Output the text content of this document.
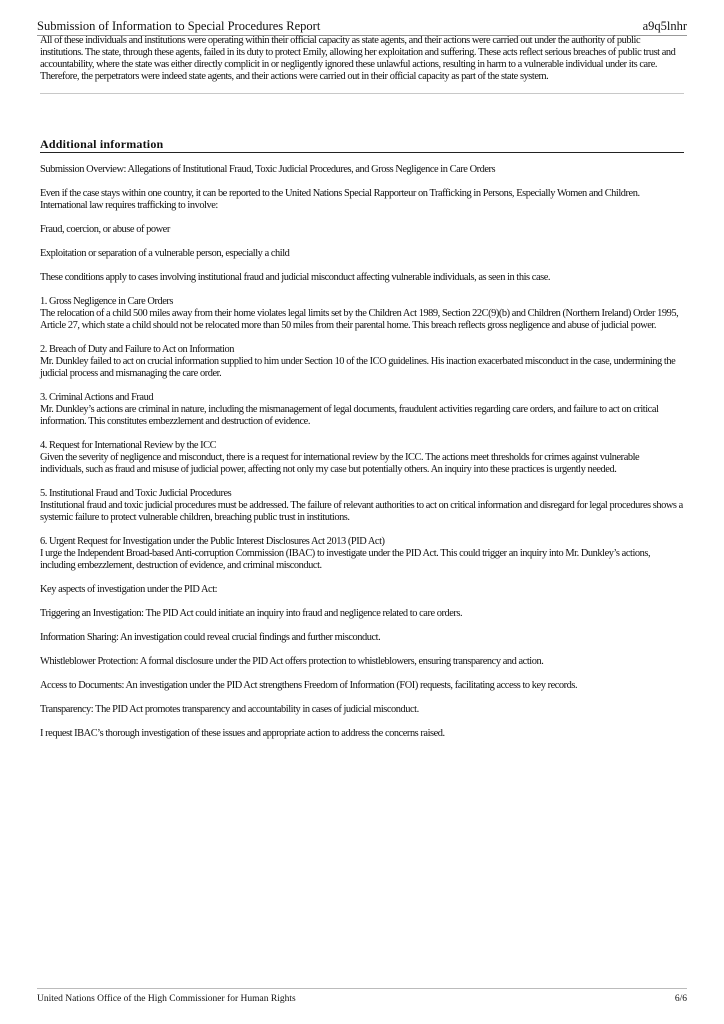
Submission of Information to Special Procedures Report	a9q5lnhr

All of these individuals and institutions were operating within their official capacity as state agents, and their actions were carried out under the authority of public institutions. The state, through these agents, failed in its duty to protect Emily, allowing her exploitation and suffering. These acts reflect serious breaches of public trust and accountability, where the state was either directly complicit in or negligently ignored these unlawful actions, resulting in harm to a vulnerable individual under its care. Therefore, the perpetrators were indeed state agents, and their actions were carried out in their official capacity as part of the state system.

Additional information

Submission Overview: Allegations of Institutional Fraud, Toxic Judicial Procedures, and Gross Negligence in Care Orders

Even if the case stays within one country, it can be reported to the United Nations Special Rapporteur on Trafficking in Persons, Especially Women and Children. International law requires trafficking to involve:

Fraud, coercion, or abuse of power

Exploitation or separation of a vulnerable person, especially a child

These conditions apply to cases involving institutional fraud and judicial misconduct affecting vulnerable individuals, as seen in this case.

1. Gross Negligence in Care Orders

The relocation of a child 500 miles away from their home violates legal limits set by the Children Act 1989, Section 22C(9)(b) and Children (Northern Ireland) Order 1995, Article 27, which state a child should not be relocated more than 50 miles from their parental home. This breach reflects gross negligence and abuse of judicial power.

2. Breach of Duty and Failure to Act on Information

Mr. Dunkley failed to act on crucial information supplied to him under Section 10 of the ICO guidelines. His inaction exacerbated misconduct in the case, undermining the judicial process and mismanaging the care order.

3. Criminal Actions and Fraud

Mr. Dunkley’s actions are criminal in nature, including the mismanagement of legal documents, fraudulent activities regarding care orders, and failure to act on critical information. This constitutes embezzlement and destruction of evidence.

4. Request for International Review by the ICC

Given the severity of negligence and misconduct, there is a request for international review by the ICC. The actions meet thresholds for crimes against vulnerable individuals, such as fraud and misuse of judicial power, affecting not only my case but potentially others. An inquiry into these practices is urgently needed.

5. Institutional Fraud and Toxic Judicial Procedures

Institutional fraud and toxic judicial procedures must be addressed. The failure of relevant authorities to act on critical information and disregard for legal procedures shows a systemic failure to protect vulnerable children, breaching public trust in institutions.

6. Urgent Request for Investigation under the Public Interest Disclosures Act 2013 (PID Act)

I urge the Independent Broad-based Anti-corruption Commission (IBAC) to investigate under the PID Act. This could trigger an inquiry into Mr. Dunkley’s actions, including embezzlement, destruction of evidence, and criminal misconduct.

Key aspects of investigation under the PID Act:

Triggering an Investigation: The PID Act could initiate an inquiry into fraud and negligence related to care orders.

Information Sharing: An investigation could reveal crucial findings and further misconduct.

Whistleblower Protection: A formal disclosure under the PID Act offers protection to whistleblowers, ensuring transparency and action.

Access to Documents: An investigation under the PID Act strengthens Freedom of Information (FOI) requests, facilitating access to key records.

Transparency: The PID Act promotes transparency and accountability in cases of judicial misconduct.

I request IBAC’s thorough investigation of these issues and appropriate action to address the concerns raised.

United Nations Office of the High Commissioner for Human Rights	6/6
